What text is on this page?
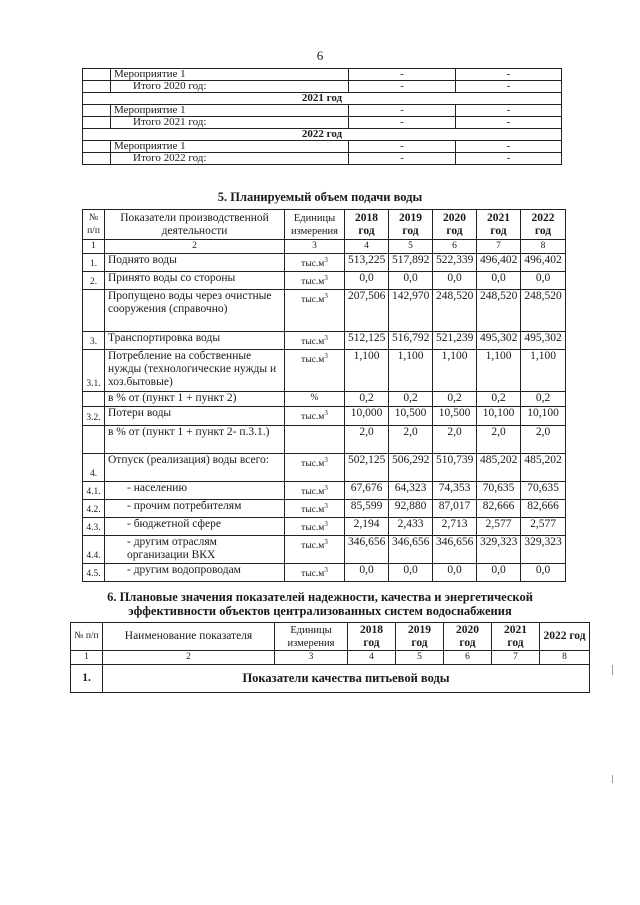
6
	Мероприятие 1	-	-
	Итого 2020 год:	-	-
2021 год			
	Мероприятие 1	-	-
	Итого 2021 год:	-	-
2022 год			
	Мероприятие 1	-	-
	Итого 2022 год:	-	-
5. Планируемый объем подачи воды
№ п/п	Показатели производственной деятельности	Единицы измерения	2018 год	2019 год	2020 год	2021 год	2022 год
1	2	3	4	5	6	7	8
1.	Поднято воды	$тыс.м^3$	513,225	517,892	522,339	496,402	496,402
2.	Принято воды со стороны	$тыс.м^3$	0,0	0,0	0,0	0,0	0,0
	Пропущено воды через очистные сооружения (справочно)	$тыс.м^3$	207,506	142,970	248,520	248,520	248,520
3.	Транспортировка воды	$тыс.м^3$	512,125	516,792	521,239	495,302	495,302
3.1.	Потребление на собственные нужды (технологические нужды и хоз.бытовые)	$тыс.м^3$	1,100	1,100	1,100	1,100	1,100
	в % от (пункт 1 + пункт 2)	%	0,2	0,2	0,2	0,2	0,2
3.2.	Потери воды	$тыс.м^3$	10,000	10,500	10,500	10,100	10,100
	в % от (пункт 1 + пункт 2- п.3.1.)		2,0	2,0	2,0	2,0	2,0
4.	Отпуск (реализация) воды всего:	$тыс.м^3$	502,125	506,292	510,739	485,202	485,202
4.1.	- населению	$тыс.м^3$	67,676	64,323	74,353	70,635	70,635
4.2.	- прочим потребителям	$тыс.м^3$	85,599	92,880	87,017	82,666	82,666
4.3.	- бюджетной сфере	$тыс.м^3$	2,194	2,433	2,713	2,577	2,577
4.4.	- другим отраслям организации ВКХ	$тыс.м^3$	346,656	346,656	346,656	329,323	329,323
4.5.	- другим водопроводам	$тыс.м^3$	0,0	0,0	0,0	0,0	0,0
6. Плановые значения показателей надежности, качества и энергетической
эффективности объектов централизованных систем водоснабжения
№ п/п	Наименование показателя	Единицы измерения	2018 год	2019 год	2020 год	2021 год	2022 год
1	2	3	4	5	6	7	8
1.	Показатели качества питьевой воды						
